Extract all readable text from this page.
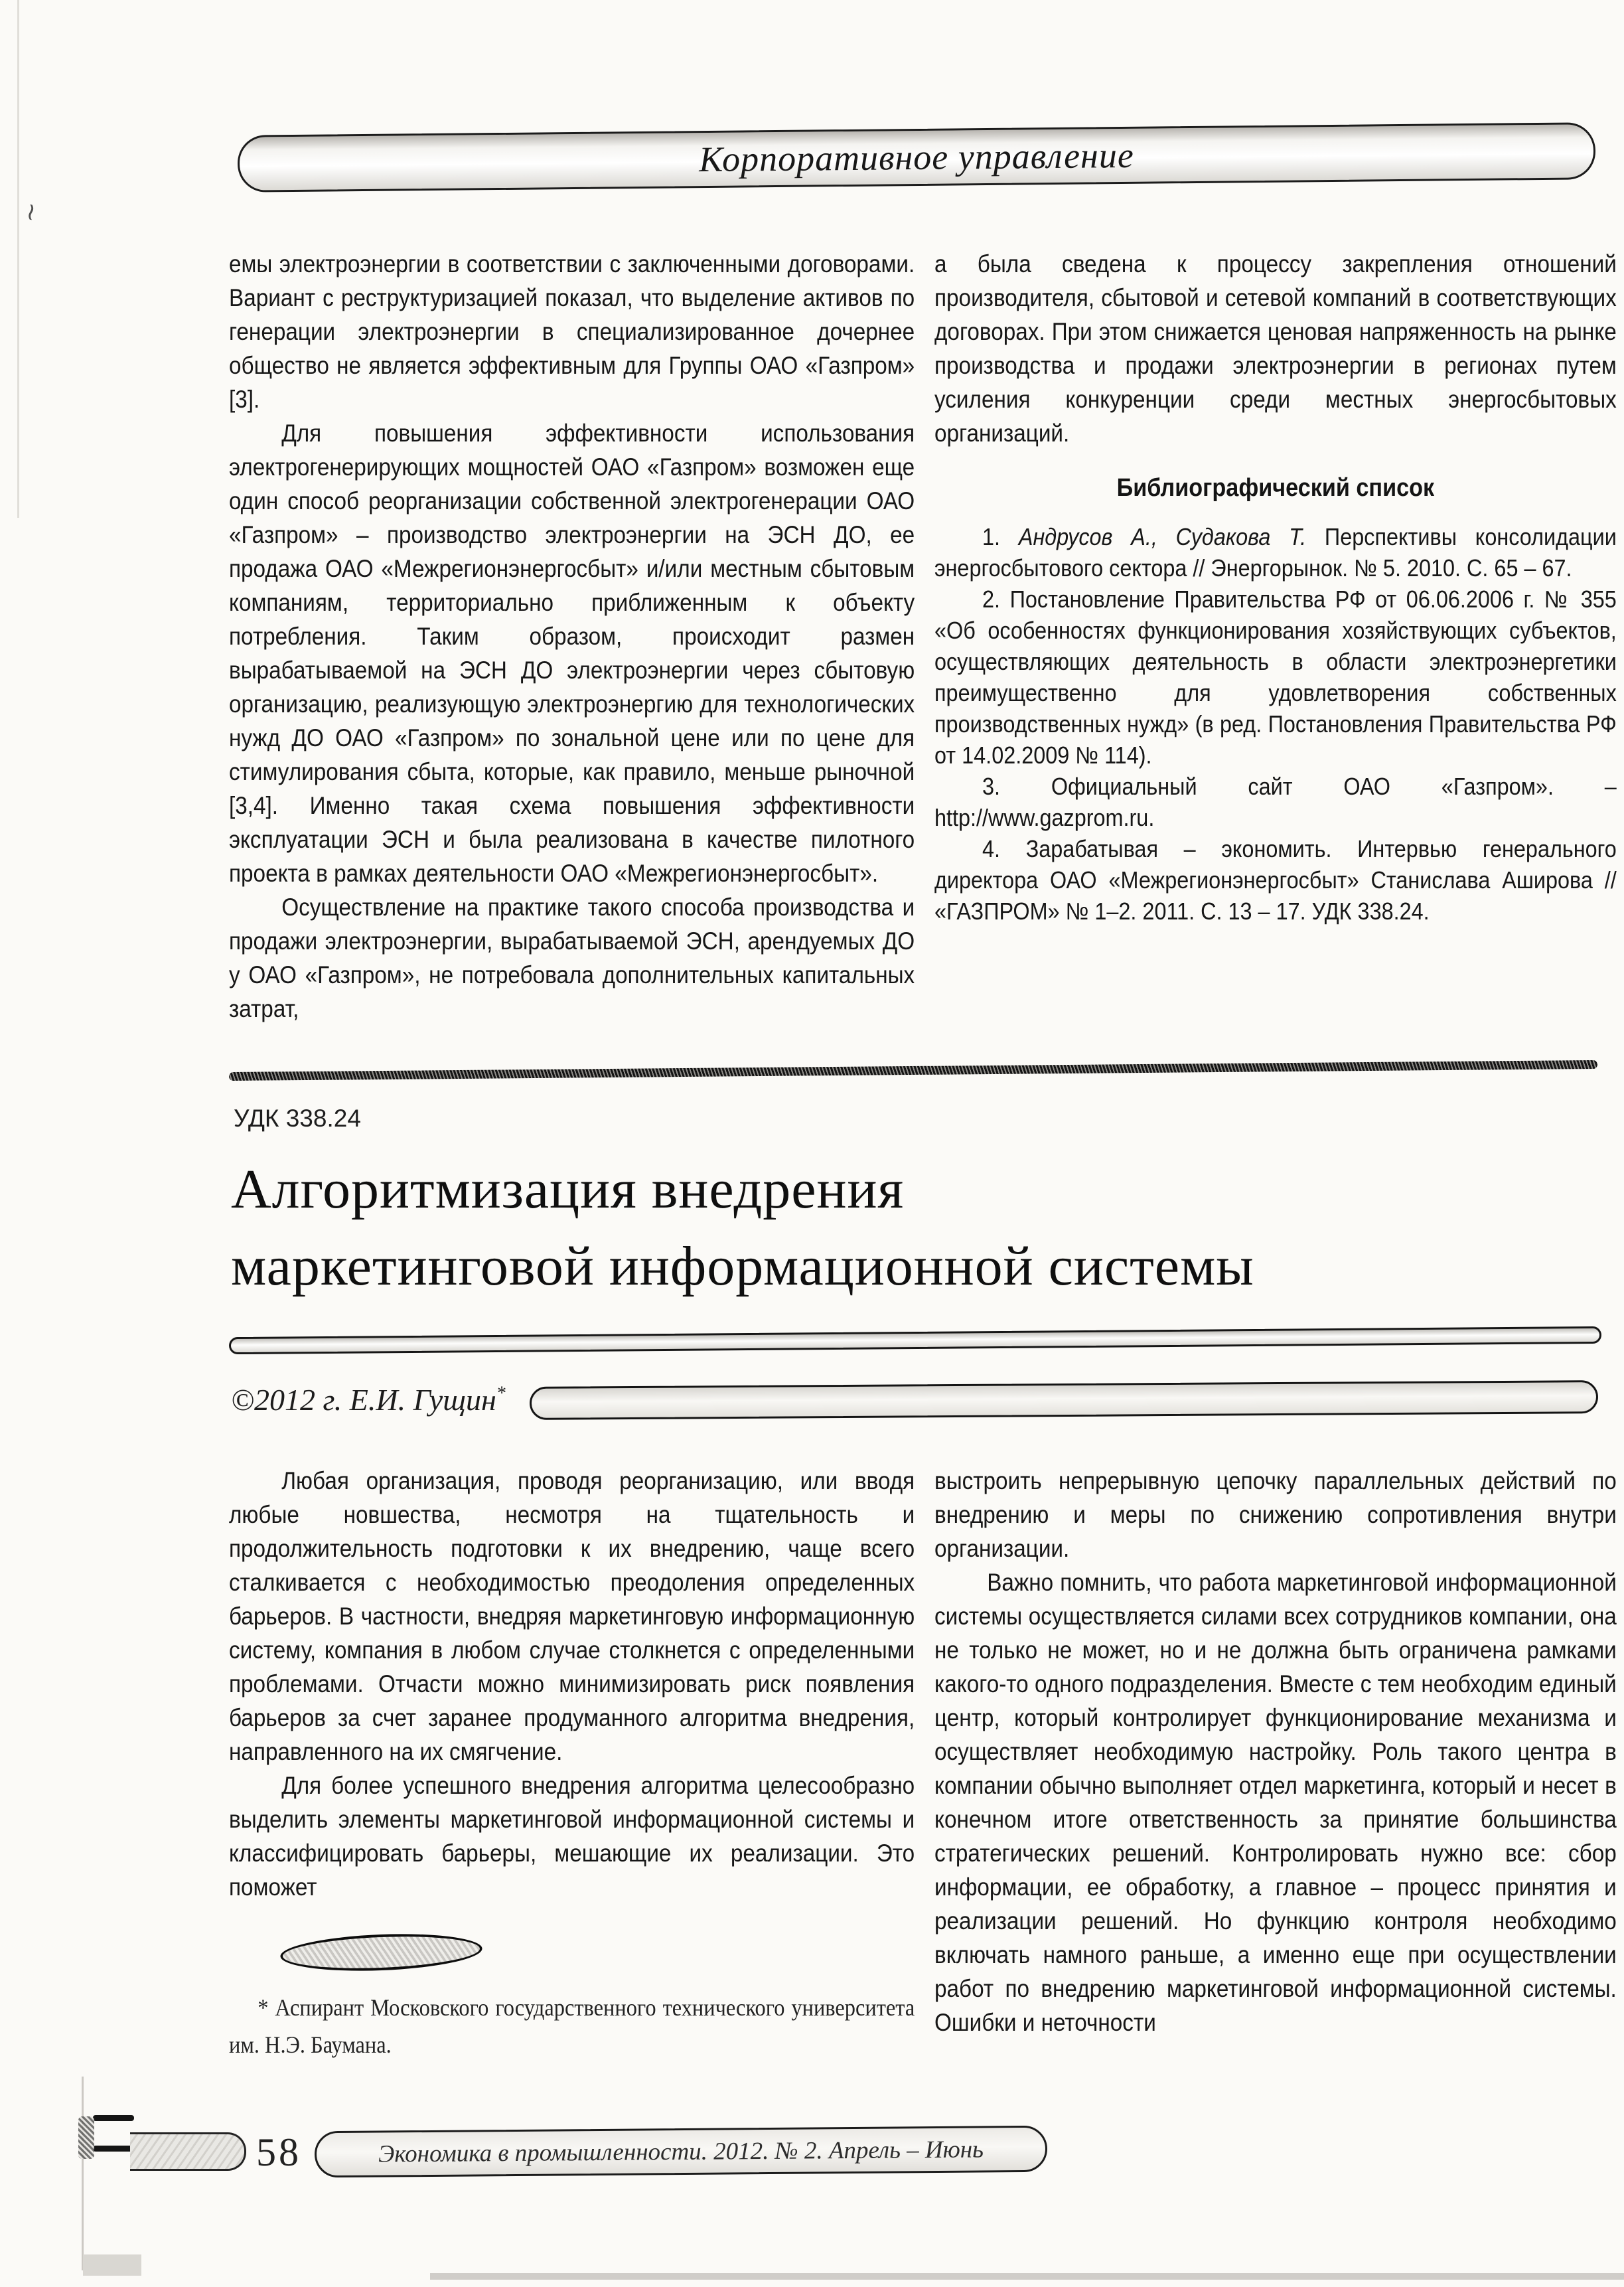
≀
Корпоративное управление

емы электроэнергии в соответствии с заключенными договорами. Вариант с реструктуризацией показал, что выделение активов по генерации электроэнергии в специализированное дочернее общество не является эффективным для Группы ОАО «Газпром» [3].

Для повышения эффективности использования электрогенерирующих мощностей ОАО «Газпром» возможен еще один способ реорганизации собственной электрогенерации ОАО «Газпром» – производство электроэнергии на ЭСН ДО, ее продажа ОАО «Межрегионэнергосбыт» и/или местным сбытовым компаниям, территориально приближенным к объекту потребления. Таким образом, происходит размен вырабатываемой на ЭСН ДО электроэнергии через сбытовую организацию, реализующую электроэнергию для технологических нужд ДО ОАО «Газпром» по зональной цене или по цене для стимулирования сбыта, которые, как правило, меньше рыночной [3,4]. Именно такая схема повышения эффективности эксплуатации ЭСН и была реализована в качестве пилотного проекта в рамках деятельности ОАО «Межрегионэнергосбыт».

Осуществление на практике такого способа производства и продажи электроэнергии, вырабатываемой ЭСН, арендуемых ДО у ОАО «Газпром», не потребовала дополнительных капитальных затрат,

а была сведена к процессу закрепления отношений производителя, сбытовой и сетевой компаний в соответствующих договорах. При этом снижается ценовая напряженность на рынке производства и продажи электроэнергии в регионах путем усиления конкуренции среди местных энергосбытовых организаций.

Библиографический список

1. Андрусов А., Судакова Т. Перспективы консолидации энергосбытового сектора // Энергорынок. № 5. 2010. С. 65 – 67.

2. Постановление Правительства РФ от 06.06.2006 г. № 355 «Об особенностях функционирования хозяйствующих субъектов, осуществляющих деятельность в области электроэнергетики преимущественно для удовлетворения собственных производственных нужд» (в ред. Постановления Правительства РФ от 14.02.2009 № 114).

3. Официальный сайт ОАО «Газпром». – http://www.gazprom.ru.

4. Зарабатывая – экономить. Интервью генерального директора ОАО «Межрегионэнергосбыт» Станислава Аширова // «ГАЗПРОМ» № 1–2. 2011. С. 13 – 17. УДК 338.24.

УДК 338.24
Алгоритмизация внедрения
маркетинговой информационной системы
©2012 г. Е.И. Гущин*

Любая организация, проводя реорганизацию, или вводя любые новшества, несмотря на тщательность и продолжительность подготовки к их внедрению, чаще всего сталкивается с необходимостью преодоления определенных барьеров. В частности, внедряя маркетинговую информационную систему, компания в любом случае столкнется с определенными проблемами. Отчасти можно минимизировать риск появления барьеров за счет заранее продуманного алгоритма внедрения, направленного на их смягчение.

Для более успешного внедрения алгоритма целесообразно выделить элементы маркетинговой информационной системы и классифицировать барьеры, мешающие их реализации. Это поможет

* Аспирант Московского государственного технического университета им. Н.Э. Баумана.

выстроить непрерывную цепочку параллельных действий по внедрению и меры по снижению сопротивления внутри организации.

Важно помнить, что работа маркетинговой информационной системы осуществляется силами всех сотрудников компании, она не только не может, но и не должна быть ограничена рамками какого-то одного подразделения. Вместе с тем необходим единый центр, который контролирует функционирование механизма и осуществляет необходимую настройку. Роль такого центра в компании обычно выполняет отдел маркетинга, который и несет в конечном итоге ответственность за принятие большинства стратегических решений. Контролировать нужно все: сбор информации, ее обработку, а главное – процесс принятия и реализации решений. Но функцию контроля необходимо включать намного раньше, а именно еще при осуществлении работ по внедрению маркетинговой информационной системы. Ошибки и неточности

58	Экономика в промышленности. 2012. № 2. Апрель – Июнь
